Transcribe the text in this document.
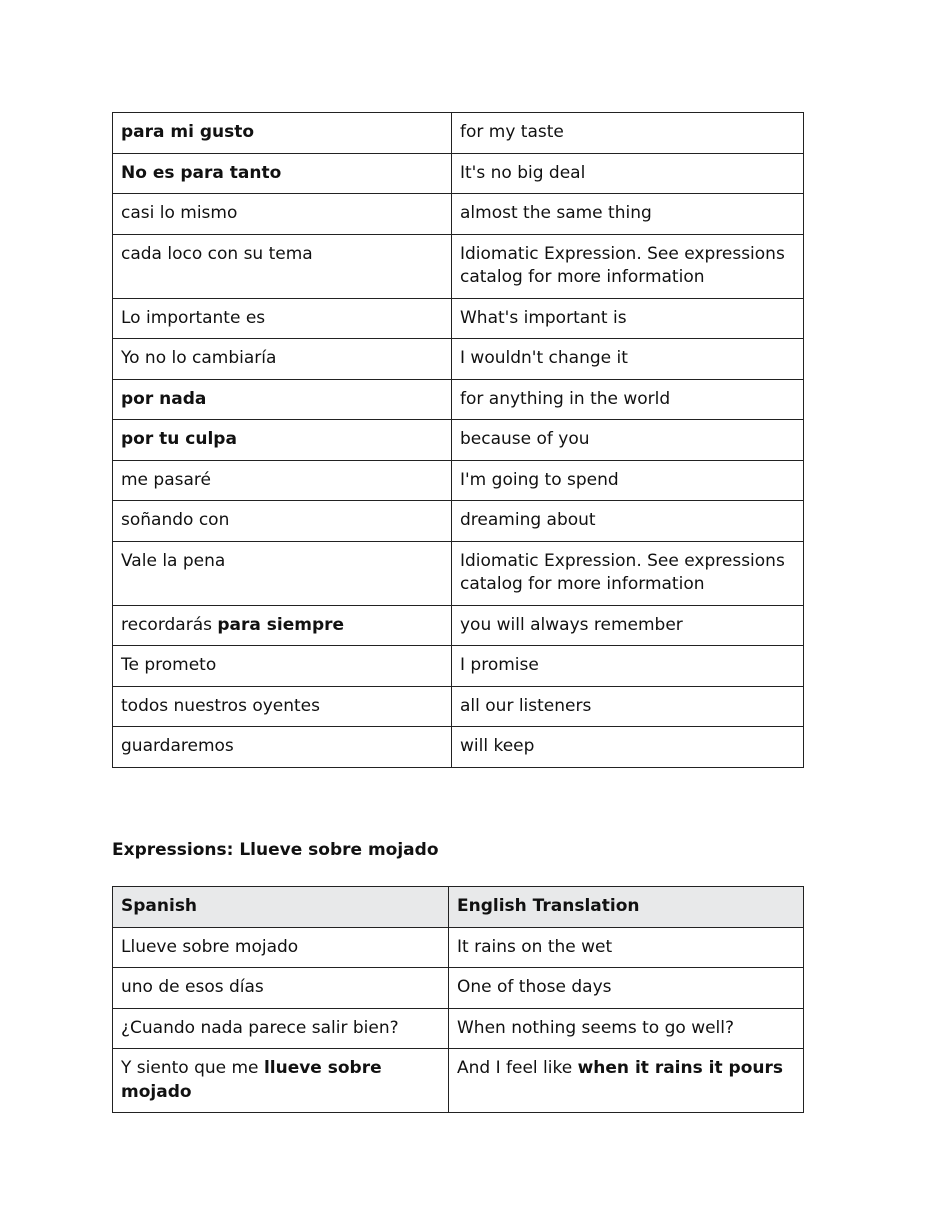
para mi gusto	for my taste
No es para tanto	It's no big deal
casi lo mismo	almost the same thing
cada loco con su tema	Idiomatic Expression. See expressions catalog for more information
Lo importante es	What's important is
Yo no lo cambiaría	I wouldn't change it
por nada	for anything in the world
por tu culpa	because of you
me pasaré	I'm going to spend
soñando con	dreaming about
Vale la pena	Idiomatic Expression. See expressions catalog for more information
recordarás para siempre	you will always remember
Te prometo	I promise
todos nuestros oyentes	all our listeners
guardaremos	will keep
Expressions: Llueve sobre mojado
Spanish	English Translation
Llueve sobre mojado	It rains on the wet
uno de esos días	One of those days
¿Cuando nada parece salir bien?	When nothing seems to go well?
Y siento que me llueve sobre mojado	And I feel like when it rains it pours
